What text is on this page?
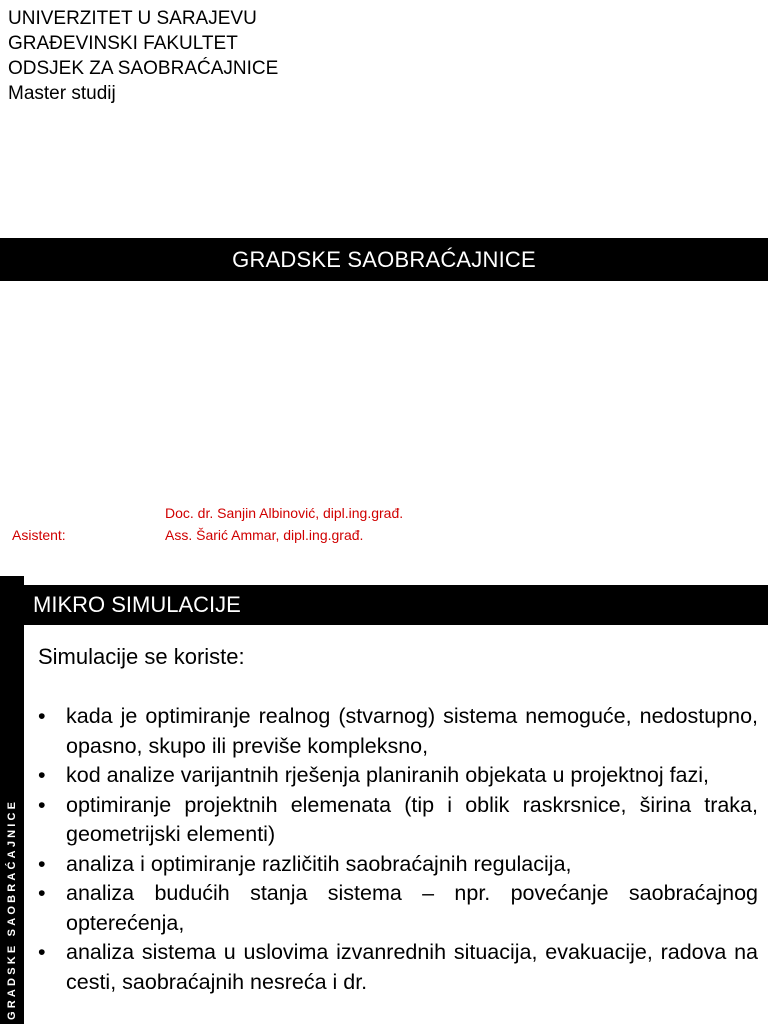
UNIVERZITET U SARAJEVU
GRAĐEVINSKI FAKULTET
ODSJEK ZA SAOBRAĆAJNICE
Master studij
GRADSKE SAOBRAĆAJNICE
Doc. dr. Sanjin Albinović, dipl.ing.građ.
Asistent:	Ass. Šarić Ammar, dipl.ing.građ.
GRADSKE SAOBRAĆAJNICE
MIKRO SIMULACIJE
Simulacije se koriste:
• kada je optimiranje realnog (stvarnog) sistema nemoguće, nedostupno, opasno, skupo ili previše kompleksno,
• kod analize varijantnih rješenja planiranih objekata u projektnoj fazi,
• optimiranje projektnih elemenata (tip i oblik raskrsnice, širina traka, geometrijski elementi)
• analiza i optimiranje različitih saobraćajnih regulacija,
• analiza budućih stanja sistema – npr. povećanje saobraćajnog opterećenja,
• analiza sistema u uslovima izvanrednih situacija, evakuacije, radova na cesti, saobraćajnih nesreća i dr.
